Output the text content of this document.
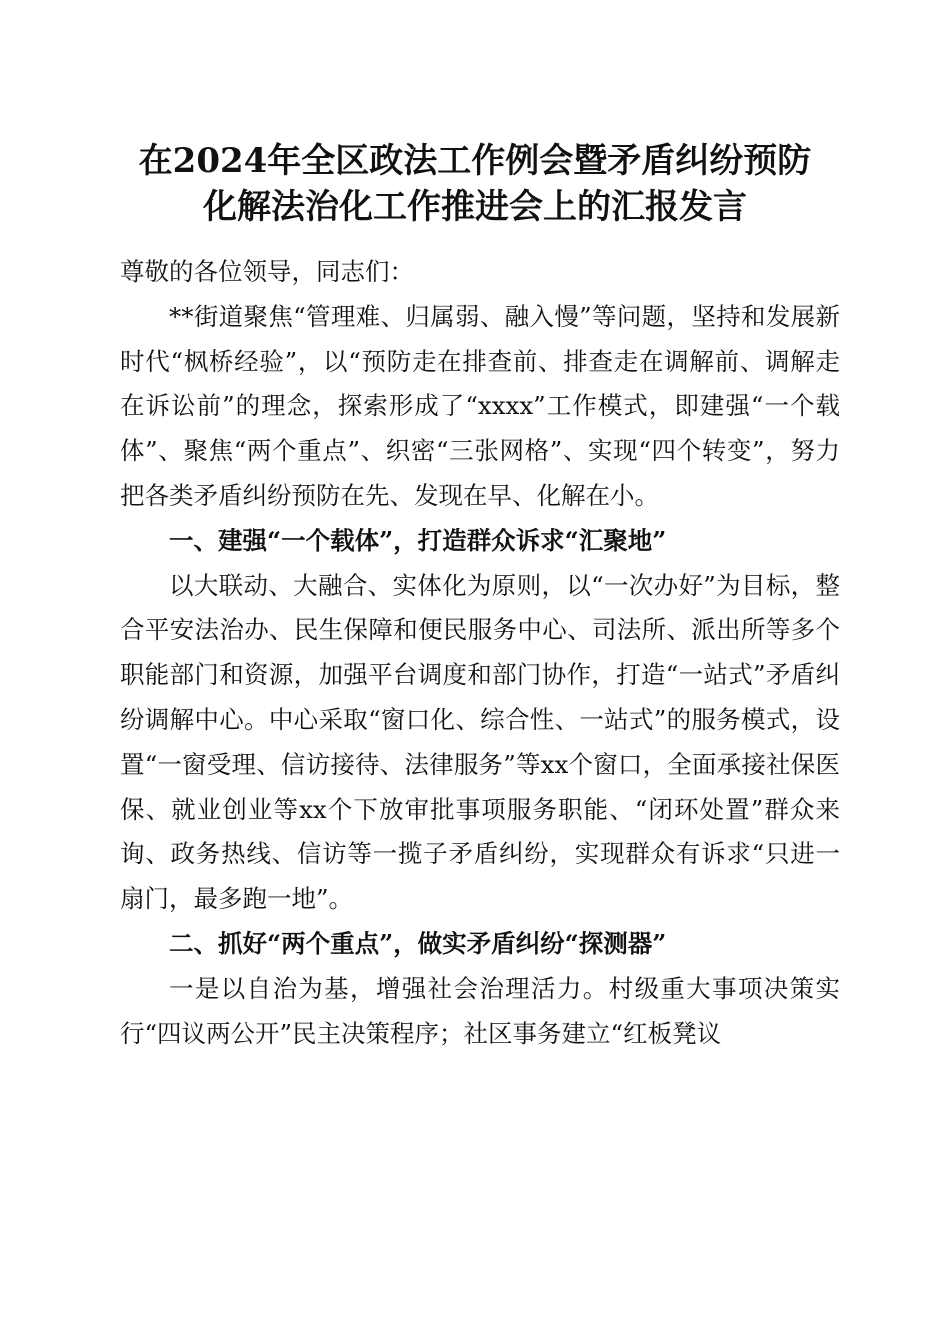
在2024年全区政法工作例会暨矛盾纠纷预防
化解法治化工作推进会上的汇报发言

尊敬的各位领导，同志们：

**街道聚焦“管理难、归属弱、融入慢”等问题，坚持和发展新时代“枫桥经验”，以“预防走在排查前、排查走在调解前、调解走在诉讼前”的理念，探索形成了“xxxx”工作模式，即建强“一个载体”、聚焦“两个重点”、织密“三张网格”、实现“四个转变”，努力把各类矛盾纠纷预防在先、发现在早、化解在小。

一、建强“一个载体”，打造群众诉求“汇聚地”

以大联动、大融合、实体化为原则，以“一次办好”为目标，整合平安法治办、民生保障和便民服务中心、司法所、派出所等多个职能部门和资源，加强平台调度和部门协作，打造“一站式”矛盾纠纷调解中心。中心采取“窗口化、综合性、一站式”的服务模式，设置“一窗受理、信访接待、法律服务”等xx个窗口，全面承接社保医保、就业创业等xx个下放审批事项服务职能、“闭环处置”群众来询、政务热线、信访等一揽子矛盾纠纷，实现群众有诉求“只进一扇门，最多跑一地”。

二、抓好“两个重点”，做实矛盾纠纷“探测器”

一是以自治为基，增强社会治理活力。村级重大事项决策实行“四议两公开”民主决策程序；社区事务建立“红板凳议
